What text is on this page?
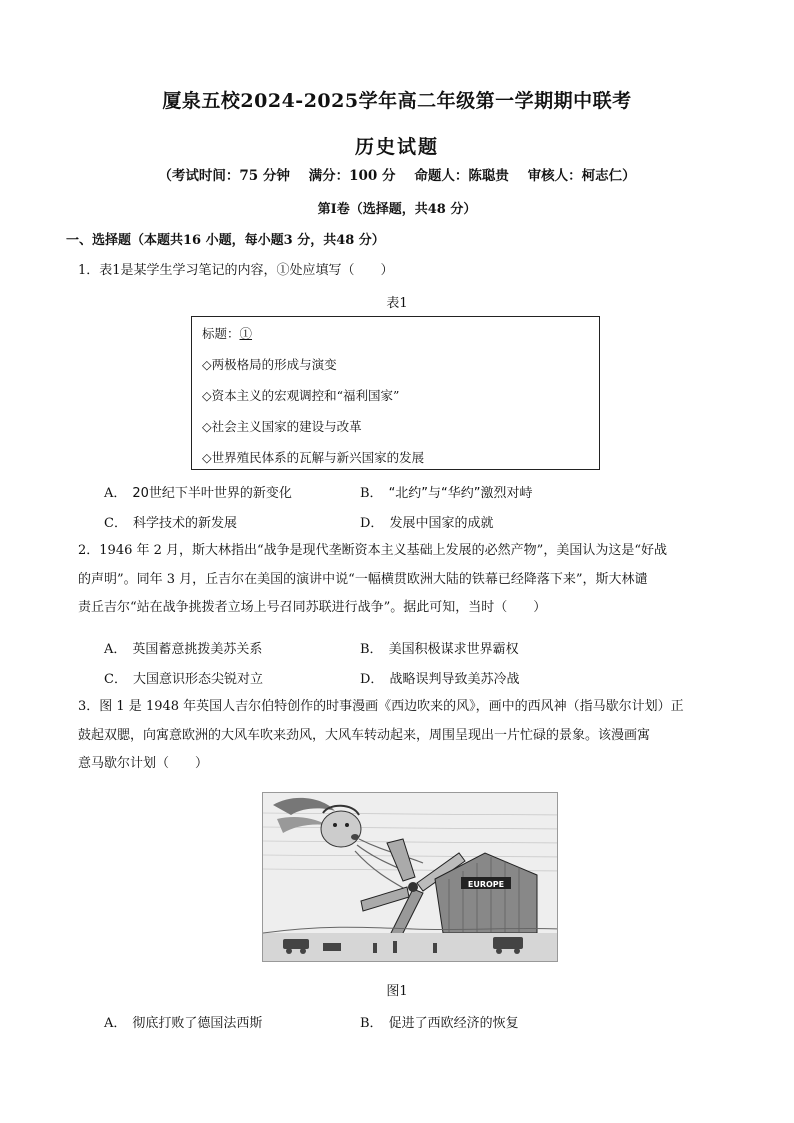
厦泉五校2024-2025学年高二年级第一学期期中联考
历史试题
（考试时间：75 分钟    满分：100 分    命题人：陈聪贵    审核人：柯志仁）
第Ⅰ卷（选择题，共48 分）
一、选择题（本题共16 小题，每小题3 分，共48 分）
1．表1是某学生学习笔记的内容，①处应填写（　　）
表1
标题：①
◇两极格局的形成与演变
◇资本主义的宏观调控和“福利国家”
◇社会主义国家的建设与改革
◇世界殖民体系的瓦解与新兴国家的发展
A． 20世纪下半叶世界的新变化	B． “北约”与“华约”激烈对峙
C． 科学技术的新发展	D． 发展中国家的成就
2．1946 年 2 月，斯大林指出“战争是现代垄断资本主义基础上发展的必然产物”，美国认为这是“好战
的声明”。同年 3 月，丘吉尔在美国的演讲中说“一幅横贯欧洲大陆的铁幕已经降落下来”，斯大林谴
责丘吉尔“站在战争挑拨者立场上号召同苏联进行战争”。据此可知，当时（　　）
A． 英国蓄意挑拨美苏关系	B． 美国积极谋求世界霸权
C． 大国意识形态尖锐对立	D． 战略误判导致美苏冷战
3．图 1 是 1948 年英国人吉尔伯特创作的时事漫画《西边吹来的风》，画中的西风神（指马歇尔计划）正
鼓起双腮，向寓意欧洲的大风车吹来劲风，大风车转动起来，周围呈现出一片忙碌的景象。该漫画寓
意马歇尔计划（　　）
EUROPE
图1
A． 彻底打败了德国法西斯	B． 促进了西欧经济的恢复
